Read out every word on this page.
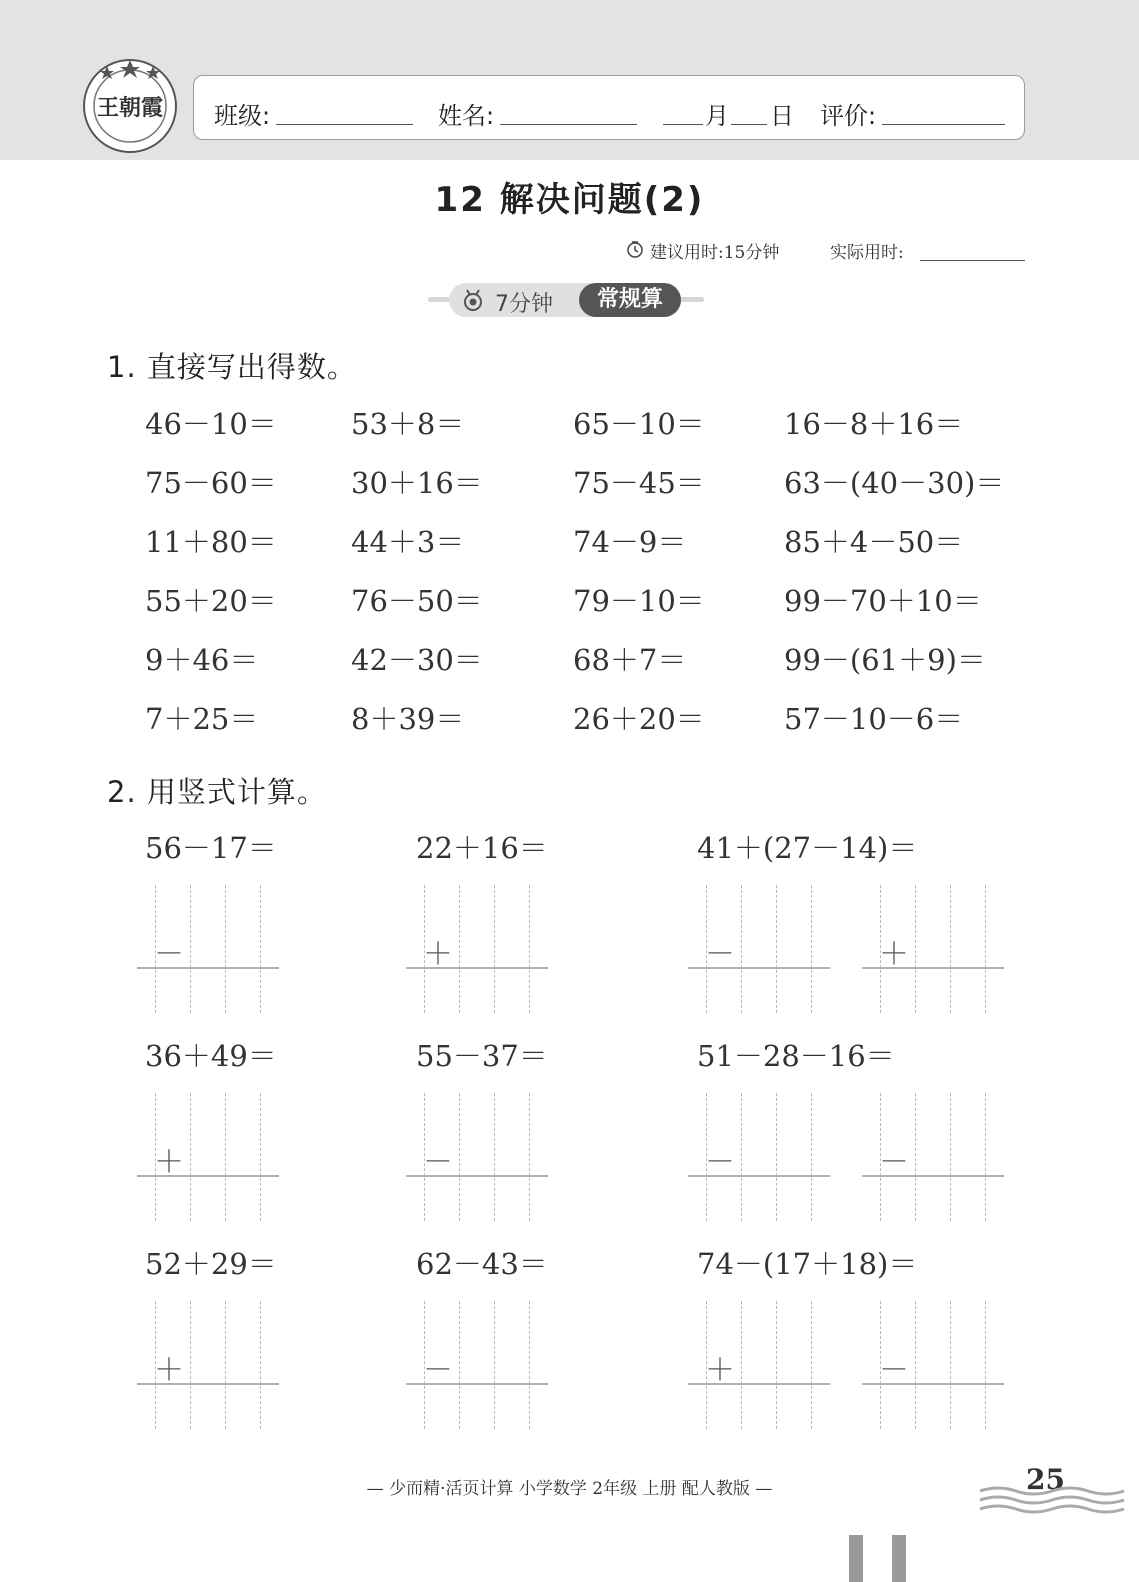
王朝霞 班级:	姓名:	月 日 评价:
12 解决问题(2)
建议用时:15分钟	实际用时:
7分钟	常规算
1. 直接写出得数。
46－10＝	53＋8＝	65－10＝	16－8＋16＝
75－60＝	30＋16＝	75－45＝	63－(40－30)＝
11＋80＝	44＋3＝	74－9＝	85＋4－50＝
55＋20＝	76－50＝	79－10＝	99－70＋10＝
9＋46＝	42－30＝	68＋7＝	99－(61＋9)＝
7＋25＝	8＋39＝	26＋20＝	57－10－6＝
2. 用竖式计算。
56－17＝	22＋16＝	41＋(27－14)＝
－	＋	－	＋
36＋49＝	55－37＝	51－28－16＝
＋	－	－	－
52＋29＝	62－43＝	74－(17＋18)＝
＋	－	＋	－
— 少而精·活页计算 小学数学 2年级 上册 配人教版 —	25
